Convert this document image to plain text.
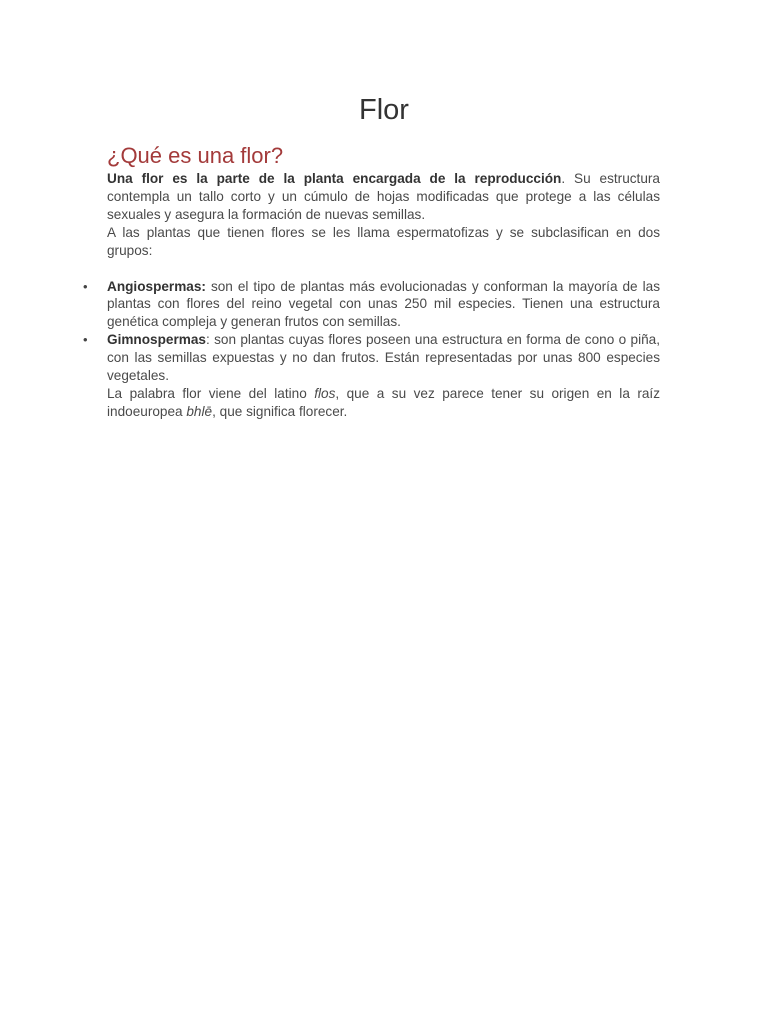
Flor
¿Qué es una flor?

Una flor es la parte de la planta encargada de la reproducción. Su estructura contempla un tallo corto y un cúmulo de hojas modificadas que protege a las células sexuales y asegura la formación de nuevas semillas.

A las plantas que tienen flores se les llama espermatofizas y se subclasifican en dos grupos:

• Angiospermas: son el tipo de plantas más evolucionadas y conforman la mayoría de las plantas con flores del reino vegetal con unas 250 mil especies. Tienen una estructura genética compleja y generan frutos con semillas.
• Gimnospermas: son plantas cuyas flores poseen una estructura en forma de cono o piña, con las semillas expuestas y no dan frutos. Están representadas por unas 800 especies vegetales.
La palabra flor viene del latino flos, que a su vez parece tener su origen en la raíz indoeuropea bhlē, que significa florecer.
